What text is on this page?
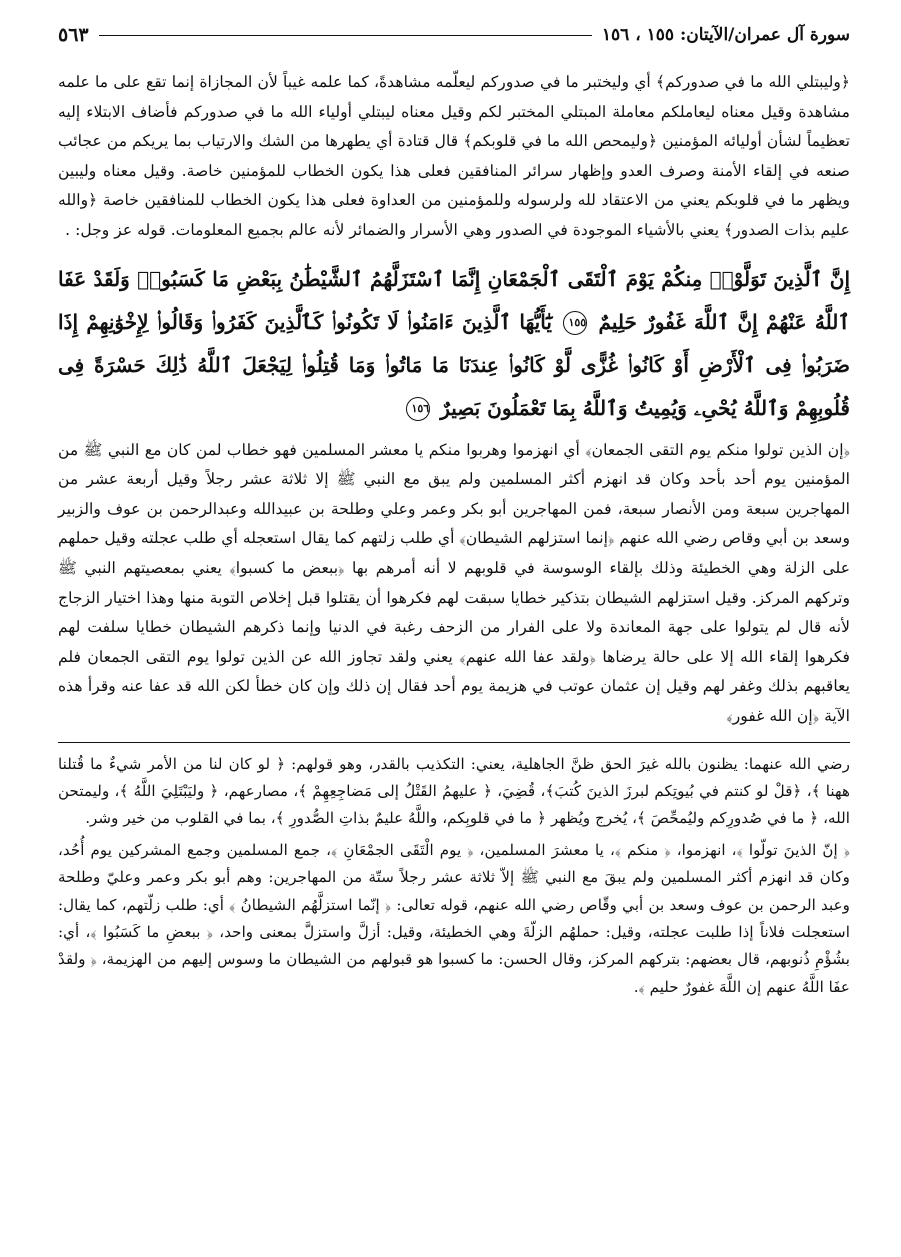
سورة آل عمران/الآيتان: ١٥٥ ، ١٥٦
٥٦٣

﴿وليبتلي الله ما في صدوركم﴾ أي وليختبر ما في صدوركم ليعلّمه مشاهدةً، كما علمه غيباً لأن المجازاة إنما تقع على ما علمه مشاهدة وقيل معناه ليعاملكم معاملة المبتلي المختبر لكم وقيل معناه ليبتلي أولياء الله ما في صدوركم فأضاف الابتلاء إليه تعظيماً لشأن أوليائه المؤمنين ﴿وليمحص الله ما في قلوبكم﴾ قال قتادة أي يطهرها من الشك والارتياب بما يريكم من عجائب صنعه في إلقاء الأمنة وصرف العدو وإظهار سرائر المنافقين فعلى هذا يكون الخطاب للمؤمنين خاصة. وقيل معناه وليبين ويظهر ما في قلوبكم يعني من الاعتقاد لله ولرسوله وللمؤمنين من العداوة فعلى هذا يكون الخطاب للمنافقين خاصة ﴿والله عليم بذات الصدور﴾ يعني بالأشياء الموجودة في الصدور وهي الأسرار والضمائر لأنه عالم بجميع المعلومات. قوله عز وجل: .

إِنَّ ٱلَّذِينَ تَوَلَّوْا۟ مِنكُمْ يَوْمَ ٱلْتَقَى ٱلْجَمْعَانِ إِنَّمَا ٱسْتَزَلَّهُمُ ٱلشَّيْطَٰنُ بِبَعْضِ مَا كَسَبُوا۟ وَلَقَدْ عَفَا ٱللَّهُ عَنْهُمْ إِنَّ ٱللَّهَ غَفُورٌ حَلِيمٌ ١٥٥ يَٰٓأَيُّهَا ٱلَّذِينَ ءَامَنُوا۟ لَا تَكُونُوا۟ كَٱلَّذِينَ كَفَرُوا۟ وَقَالُوا۟ لِإِخْوَٰنِهِمْ إِذَا ضَرَبُوا۟ فِى ٱلْأَرْضِ أَوْ كَانُوا۟ غُزًّى لَّوْ كَانُوا۟ عِندَنَا مَا مَاتُوا۟ وَمَا قُتِلُوا۟ لِيَجْعَلَ ٱللَّهُ ذَٰلِكَ حَسْرَةً فِى قُلُوبِهِمْ وَٱللَّهُ يُحْىِۦ وَيُمِيتُ وَٱللَّهُ بِمَا تَعْمَلُونَ بَصِيرٌ ١٥٦

﴿إن الذين تولوا منكم يوم التقى الجمعان﴾ أي انهزموا وهربوا منكم يا معشر المسلمين فهو خطاب لمن كان مع النبي ﷺ من المؤمنين يوم أحد بأحد وكان قد انهزم أكثر المسلمين ولم يبق مع النبي ﷺ إلا ثلاثة عشر رجلاً وقيل أربعة عشر من المهاجرين سبعة ومن الأنصار سبعة، فمن المهاجرين أبو بكر وعمر وعلي وطلحة بن عبيدالله وعبدالرحمن بن عوف والزبير وسعد بن أبي وقاص رضي الله عنهم ﴿إنما استزلهم الشيطان﴾ أي طلب زلتهم كما يقال استعجله أي طلب عجلته وقيل حملهم على الزلة وهي الخطيئة وذلك بإلقاء الوسوسة في قلوبهم لا أنه أمرهم بها ﴿ببعض ما كسبوا﴾ يعني بمعصيتهم النبي ﷺ وتركهم المركز. وقيل استزلهم الشيطان بتذكير خطايا سبقت لهم فكرهوا أن يقتلوا قبل إخلاص التوبة منها وهذا اختيار الزجاج لأنه قال لم يتولوا على جهة المعاندة ولا على الفرار من الزحف رغبة في الدنيا وإنما ذكرهم الشيطان خطايا سلفت لهم فكرهوا إلقاء الله إلا على حالة يرضاها ﴿ولقد عفا الله عنهم﴾ يعني ولقد تجاوز الله عن الذين تولوا يوم التقى الجمعان فلم يعاقبهم بذلك وغفر لهم وقيل إن عثمان عوتب في هزيمة يوم أحد فقال إن ذلك وإن كان خطأ لكن الله قد عفا عنه وقرأ هذه الآية ﴿إن الله غفور﴾

رضي الله عنهما: يظنون بالله غيرَ الحق ظنَّ الجاهلية، يعني: التكذيب بالقدر، وهو قولهم: ﴿ لو كان لنا من الأمر شيءٌ ما قُتلنا ههنا ﴾، ﴿قلْ لو كنتم في بُيوتِكم لبرزَ الذينَ كُتبَ﴾، قُضِيَ، ﴿ عليهمُ القَتْلُ إلى مَضاجِعِهِمْ ﴾، مصارعهم، ﴿ وليَبْتَلِيَ اللَّهُ ﴾، وليمتحن الله، ﴿ ما في صُدورِكم وليُمحِّصَ ﴾، يُخرج ويُظهر ﴿ ما في قلوبِكم، واللَّهُ عليمٌ بذاتِ الصُّدورِ ﴾، بما في القلوب من خير وشر.

﴿ إنّ الذينَ تولّوا ﴾، انهزموا، ﴿ منكم ﴾، يا معشرَ المسلمين، ﴿ يوم الْتَقَى الجمْعَانِ ﴾، جمع المسلمين وجمع المشركين يوم أُحُد، وكان قد انهزم أكثر المسلمين ولم يبقَ مع النبي ﷺ إلاّ ثلاثة عشر رجلاً ستّة من المهاجرين: وهم أبو بكر وعمر وعليّ وطلحة وعبد الرحمن بن عوف وسعد بن أبي وقّاص رضي الله عنهم، قوله تعالى: ﴿ إنّما استزلَّهُم الشيطانُ ﴾ أي: طلب زلّتهم، كما يقال: استعجلت فلاناً إذا طلبت عجلته، وقيل: حملهُم الزلّةَ وهي الخطيئة، وقيل: أزلَّ واستزلَّ بمعنى واحد، ﴿ ببعضِ ما كَسَبُوا ﴾، أي: بشُؤْمِ ذُنوبهم، قال بعضهم: بتركهم المركز، وقال الحسن: ما كسبوا هو قبولهم من الشيطان ما وسوس إليهم من الهزيمة، ﴿ ولقدْ عفَا اللَّهُ عنهم إن اللَّهَ غفورٌ حليم ﴾.
